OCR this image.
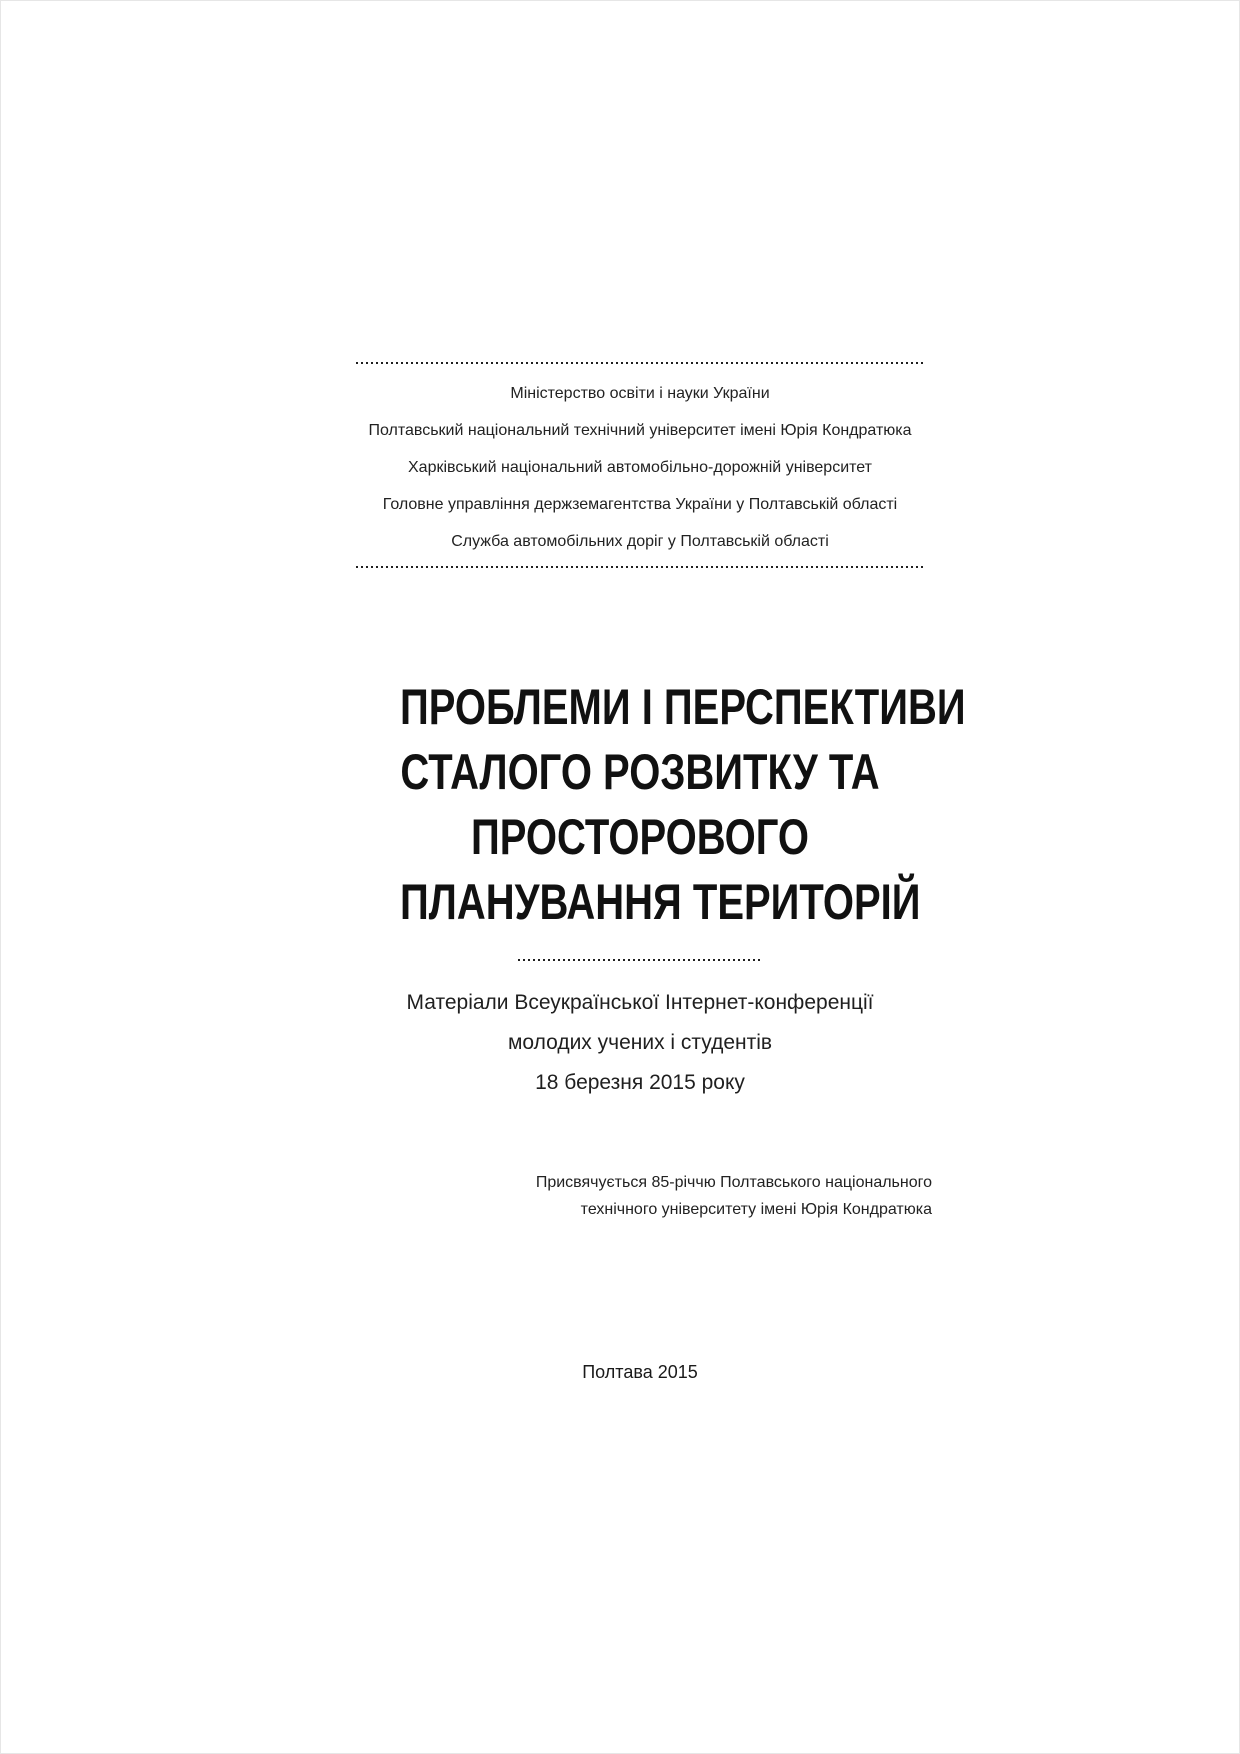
Міністерство освіти і науки України
Полтавський національний технічний університет імені Юрія Кондратюка
Харківський національний автомобільно-дорожній університет
Головне управління держземагентства України у Полтавській області
Служба автомобільних доріг у Полтавській області
ПРОБЛЕМИ І ПЕРСПЕКТИВИ
СТАЛОГО РОЗВИТКУ ТА
ПРОСТОРОВОГО
ПЛАНУВАННЯ ТЕРИТОРІЙ
Матеріали Всеукраїнської Інтернет-конференції
молодих учених і студентів
18 березня 2015 року
Присвячується 85-річчю Полтавського національного
технічного університету імені Юрія Кондратюка
Полтава 2015
